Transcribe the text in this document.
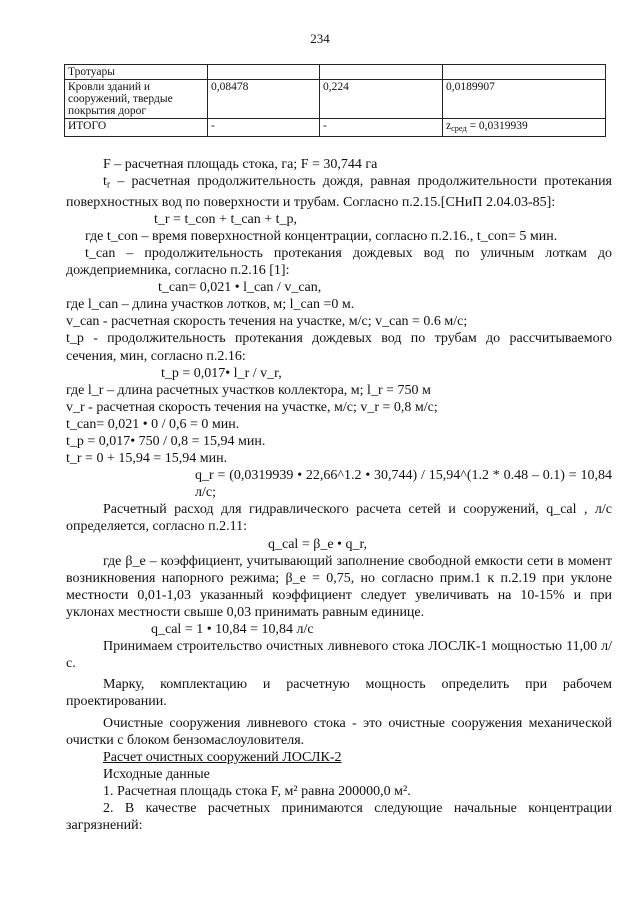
234
Тротуары			
Кровли зданий и сооружений, твердые покрытия дорог	0,08478	0,224	0,0189907
ИТОГО	-	-	$z_{сред} = 0,0319939$

F – расчетная площадь стока, га; F = 30,744 га

$t_r$ – расчетная продолжительность дождя, равная продолжительности протекания поверхностных вод по поверхности и трубам. Согласно п.2.15.[СНиП 2.04.03-85]:

t_r = t_con + t_can + t_p,

где t_con – время поверхностной концентрации, согласно п.2.16., t_con= 5 мин.

t_can – продолжительность протекания дождевых вод по уличным лоткам до дождеприемника, согласно п.2.16 [1]:

t_can= 0,021 • l_can / v_can,

где l_can – длина участков лотков, м; l_can =0 м.

v_can - расчетная скорость течения на участке, м/с; v_can = 0.6 м/с;

t_p - продолжительность протекания дождевых вод по трубам до рассчитываемого сечения, мин, согласно п.2.16:

t_p = 0,017• l_r / v_r,

где l_r – длина расчетных участков коллектора, м; l_r = 750 м

v_r - расчетная скорость течения на участке, м/с; v_r = 0,8 м/с;

t_can= 0,021 • 0 / 0,6 = 0 мин.

t_p = 0,017• 750 / 0,8 = 15,94 мин.

t_r = 0 + 15,94 = 15,94 мин.

q_r = (0,0319939 • 22,66^1.2 • 30,744) / 15,94^(1.2 * 0.48 – 0.1) = 10,84 л/с;

Расчетный расход для гидравлического расчета сетей и сооружений, q_cal , л/с определяется, согласно п.2.11:

q_cal = β_e • q_r,

где β_e – коэффициент, учитывающий заполнение свободной емкости сети в момент возникновения напорного режима; β_e = 0,75, но согласно прим.1 к п.2.19 при уклоне местности 0,01-1,03 указанный коэффициент следует увеличивать на 10-15% и при уклонах местности свыше 0,03 принимать равным единице.

q_cal = 1 • 10,84 = 10,84 л/с

Принимаем строительство очистных ливневого стока ЛОСЛК-1 мощностью 11,00 л/с.

Марку, комплектацию и расчетную мощность определить при рабочем проектировании.

Очистные сооружения ливневого стока - это очистные сооружения механической очистки с блоком бензомаслоуловителя.

Расчет очистных сооружений ЛОСЛК-2

Исходные данные

1. Расчетная площадь стока F, м² равна 200000,0 м².

2. В качестве расчетных принимаются следующие начальные концентрации загрязнений:
